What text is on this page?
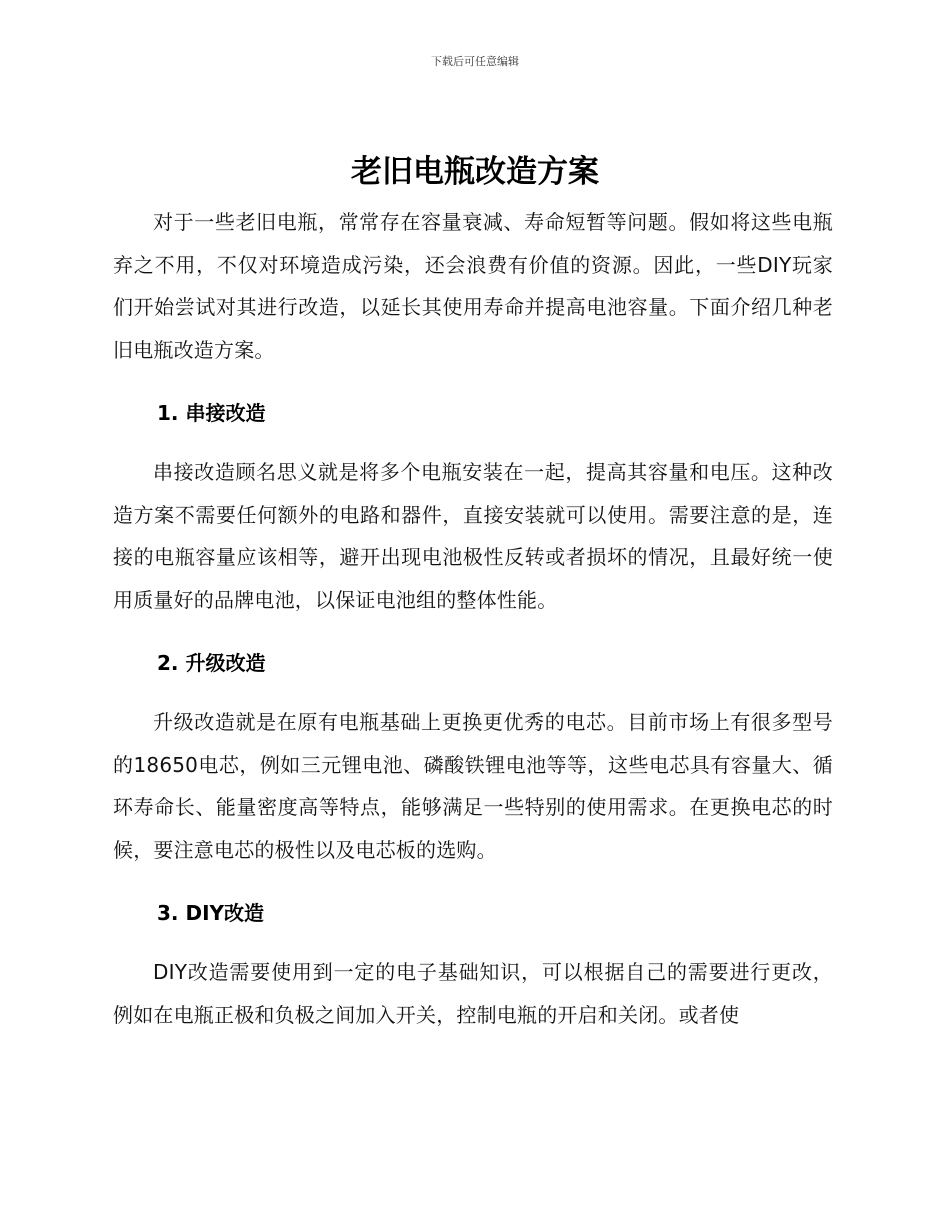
下载后可任意编辑
老旧电瓶改造方案

对于一些老旧电瓶，常常存在容量衰减、寿命短暂等问题。假如将这些电瓶弃之不用，不仅对环境造成污染，还会浪费有价值的资源。因此，一些DIY玩家们开始尝试对其进行改造，以延长其使用寿命并提高电池容量。下面介绍几种老旧电瓶改造方案。

1. 串接改造

串接改造顾名思义就是将多个电瓶安装在一起，提高其容量和电压。这种改造方案不需要任何额外的电路和器件，直接安装就可以使用。需要注意的是，连接的电瓶容量应该相等，避开出现电池极性反转或者损坏的情况，且最好统一使用质量好的品牌电池，以保证电池组的整体性能。

2. 升级改造

升级改造就是在原有电瓶基础上更换更优秀的电芯。目前市场上有很多型号的18650电芯，例如三元锂电池、磷酸铁锂电池等等，这些电芯具有容量大、循环寿命长、能量密度高等特点，能够满足一些特别的使用需求。在更换电芯的时候，要注意电芯的极性以及电芯板的选购。

3. DIY改造

DIY改造需要使用到一定的电子基础知识，可以根据自己的需要进行更改，例如在电瓶正极和负极之间加入开关，控制电瓶的开启和关闭。或者使
